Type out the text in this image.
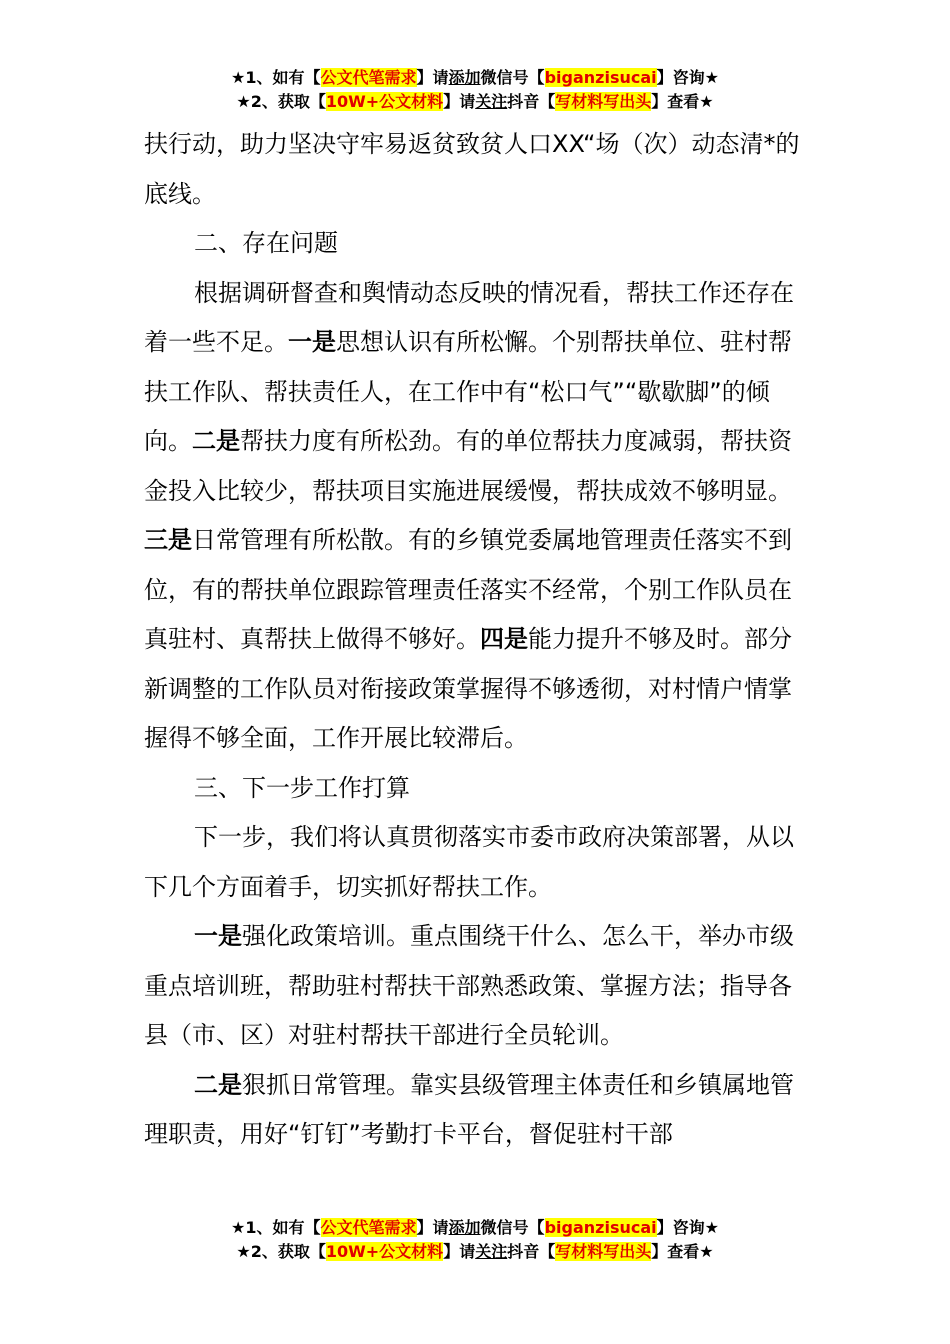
★1、如有【公文代笔需求】请添加微信号【biganzisucai】咨询★
★2、获取【10W+公文材料】请关注抖音【写材料写出头】查看★

扶行动，助力坚决守牢易返贫致贫人口XX“场（次）动态清*的底线。

二、存在问题

根据调研督查和舆情动态反映的情况看，帮扶工作还存在着一些不足。一是思想认识有所松懈。个别帮扶单位、驻村帮扶工作队、帮扶责任人，在工作中有“松口气”“歇歇脚”的倾向。二是帮扶力度有所松劲。有的单位帮扶力度减弱，帮扶资金投入比较少，帮扶项目实施进展缓慢，帮扶成效不够明显。三是日常管理有所松散。有的乡镇党委属地管理责任落实不到位，有的帮扶单位跟踪管理责任落实不经常，个别工作队员在真驻村、真帮扶上做得不够好。四是能力提升不够及时。部分新调整的工作队员对衔接政策掌握得不够透彻，对村情户情掌握得不够全面，工作开展比较滞后。

三、下一步工作打算

下一步，我们将认真贯彻落实市委市政府决策部署，从以下几个方面着手，切实抓好帮扶工作。

一是强化政策培训。重点围绕干什么、怎么干，举办市级重点培训班，帮助驻村帮扶干部熟悉政策、掌握方法；指导各县（市、区）对驻村帮扶干部进行全员轮训。

二是狠抓日常管理。靠实县级管理主体责任和乡镇属地管理职责，用好“钉钉”考勤打卡平台，督促驻村干部

★1、如有【公文代笔需求】请添加微信号【biganzisucai】咨询★
★2、获取【10W+公文材料】请关注抖音【写材料写出头】查看★
